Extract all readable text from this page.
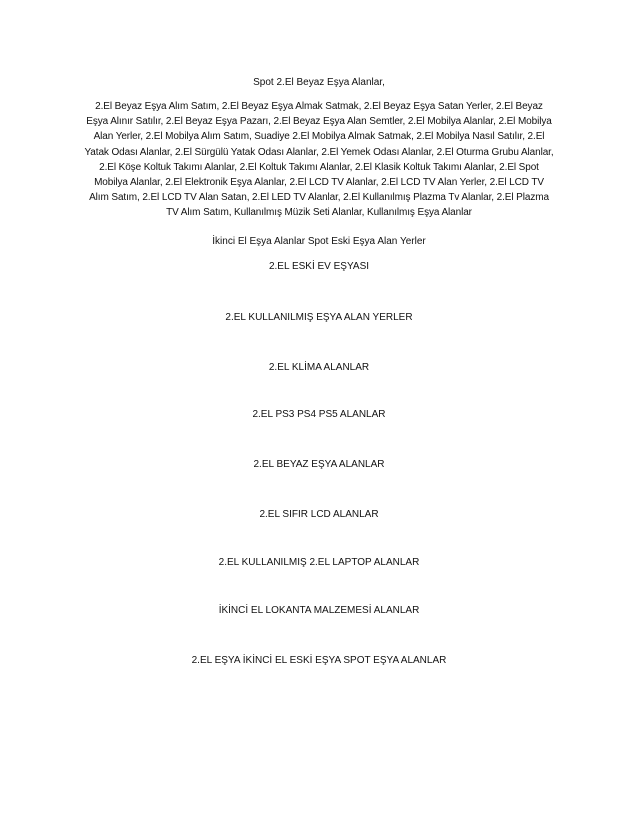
Spot 2.El Beyaz Eşya Alanlar,
2.El Beyaz Eşya Alım Satım, 2.El Beyaz Eşya Almak Satmak, 2.El Beyaz Eşya Satan Yerler, 2.El Beyaz Eşya Alınır Satılır, 2.El Beyaz Eşya Pazarı, 2.El Beyaz Eşya Alan Semtler, 2.El Mobilya Alanlar, 2.El Mobilya Alan Yerler, 2.El Mobilya Alım Satım, Suadiye 2.El Mobilya Almak Satmak, 2.El Mobilya Nasıl Satılır, 2.El Yatak Odası Alanlar, 2.El Sürgülü Yatak Odası Alanlar, 2.El Yemek Odası Alanlar, 2.El Oturma Grubu Alanlar, 2.El Köşe Koltuk Takımı Alanlar, 2.El Koltuk Takımı Alanlar, 2.El Klasik Koltuk Takımı Alanlar, 2.El Spot Mobilya Alanlar, 2.El Elektronik Eşya Alanlar, 2.El LCD TV Alanlar, 2.El LCD TV Alan Yerler, 2.El LCD TV Alım Satım, 2.El LCD TV Alan Satan, 2.El LED TV Alanlar, 2.El Kullanılmış Plazma Tv Alanlar, 2.El Plazma TV Alım Satım, Kullanılmış Müzik Seti Alanlar, Kullanılmış Eşya Alanlar
İkinci El Eşya Alanlar Spot Eski Eşya Alan Yerler
2.EL ESKİ EV EŞYASI
2.EL KULLANILMIŞ EŞYA ALAN YERLER
2.EL KLİMA ALANLAR
2.EL PS3 PS4 PS5 ALANLAR
2.EL BEYAZ EŞYA ALANLAR
2.EL SIFIR LCD ALANLAR
2.EL KULLANILMIŞ 2.EL LAPTOP ALANLAR
İKİNCİ EL LOKANTA MALZEMESİ ALANLAR
2.EL EŞYA İKİNCİ EL ESKİ EŞYA SPOT EŞYA ALANLAR
